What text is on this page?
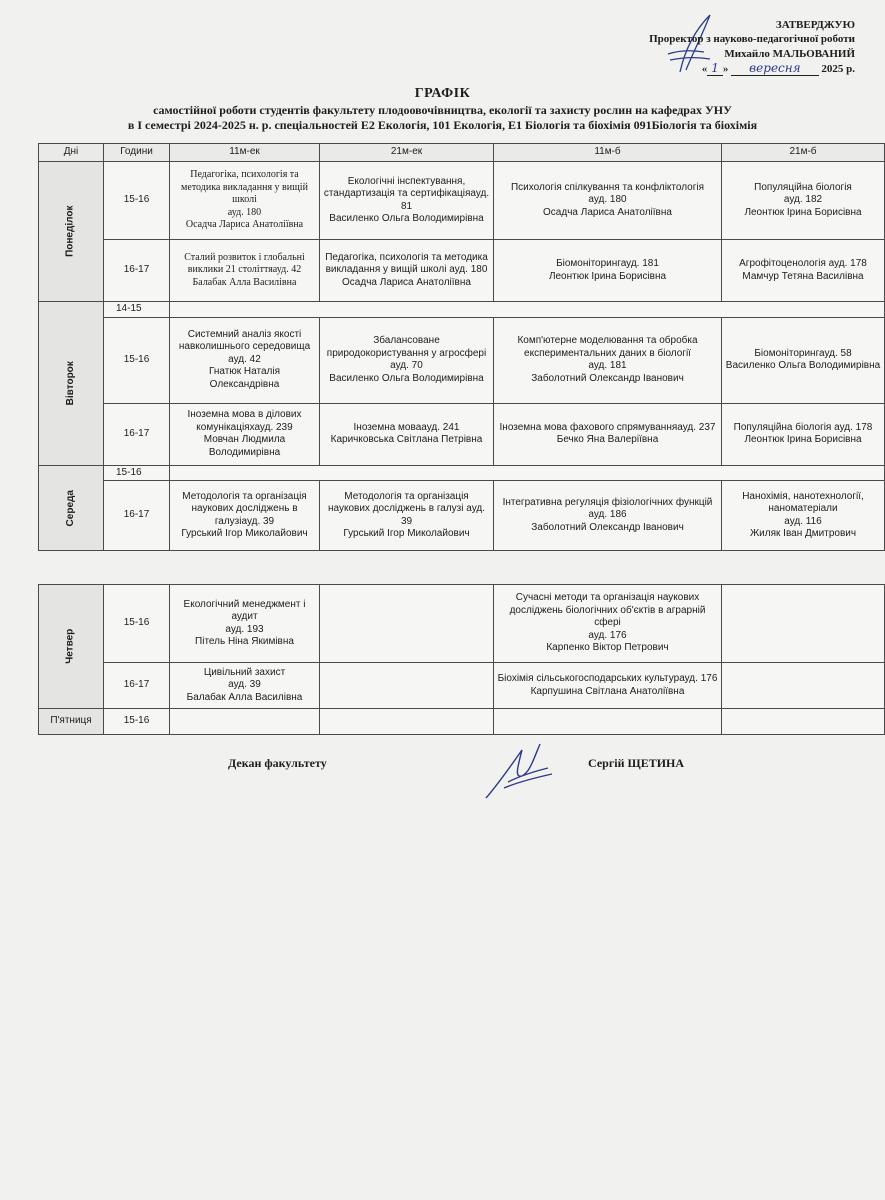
ЗАТВЕРДЖУЮ
Проректор з науково-педагогічної роботи
Михайло МАЛЬОВАНИЙ
« 1 » вересня 2025 р.
ГРАФІК
самостійної роботи студентів факультету плодоовочівництва, екології та захисту рослин на кафедрах УНУ
в І семестрі 2024-2025 н. р. спеціальностей Е2 Екологія, 101 Екологія, Е1 Біологія та біохімія 091Біологія та біохімія
Дні	Години	11м-ек	21м-ек	11м-б	21м-б
Понеділок	15-16	Педагогіка, психологія та методика викладання у вищій школі
ауд. 180
Осадча Лариса Анатоліївна	Екологічні інспектування, стандартизація та сертифікаціяауд. 81
Василенко Ольга Володимирівна	Психологія спілкування та конфліктологія
ауд. 180
Осадча Лариса Анатоліївна	Популяційна біологія
ауд. 182
Леонтюк Ірина Борисівна
	16-17	Сталий розвиток і глобальні виклики 21 століттяауд. 42
Балабак Алла Василівна	Педагогіка, психологія та методика викладання у вищій школі ауд. 180
Осадча Лариса Анатоліївна	Біомоніторингауд. 181
Леонтюк Ірина Борисівна	Агрофітоценологія ауд. 178
Мамчур Тетяна Василівна
Вівторок	14-15				
	15-16	Системний аналіз якості навколишнього середовища
ауд. 42
Гнатюк Наталія Олександрівна	Збалансоване природокористування у агросфері ауд. 70
Василенко Ольга Володимирівна	Комп'ютерне моделювання та обробка експериментальних даних в біології
ауд. 181
Заболотний Олександр Іванович	Біомоніторингауд. 58
Василенко Ольга Володимирівна
	16-17	Іноземна мова в ділових комунікаціяхауд. 239
Мовчан Людмила Володимирівна	Іноземна моваауд. 241
Каричковська Світлана Петрівна	Іноземна мова фахового спрямуванняауд. 237
Бечко Яна Валеріївна	Популяційна біологія ауд. 178
Леонтюк Ірина Борисівна
Середа	15-16				
	16-17	Методологія та організація наукових досліджень в галузіауд. 39
Гурський Ігор Миколайович	Методологія та організація наукових досліджень в галузі ауд. 39
Гурський Ігор Миколайович	Інтегративна регуляція фізіологічних функцій ауд. 186
Заболотний Олександр Іванович	Нанохімія, нанотехнології, наноматеріали
ауд. 116
Жиляк Іван Дмитрович
Четвер	15-16	Екологічний менеджмент і аудит
ауд. 193
Пітель Ніна Якимівна		Сучасні методи та організація наукових досліджень біологічних об'єктів в аграрній сфері
ауд. 176
Карпенко Віктор Петрович	
	16-17	Цивільний захист
ауд. 39
Балабак Алла Василівна		Біохімія сільськогосподарських культурауд. 176
Карпушина Світлана Анатоліївна	
П'ятниця	15-16				
Декан факультету	Сергій ЩЕТИНА
